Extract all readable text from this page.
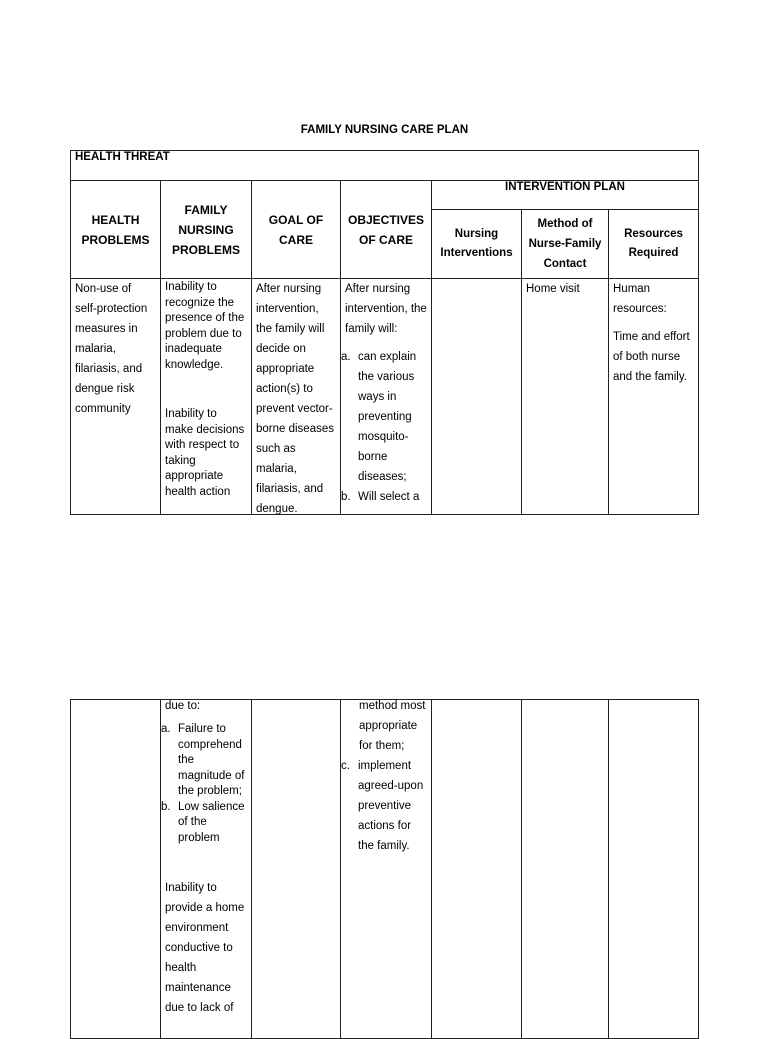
FAMILY NURSING CARE PLAN
HEALTH THREAT
HEALTH PROBLEMS
FAMILY NURSING PROBLEMS
GOAL OF CARE
OBJECTIVES OF CARE
INTERVENTION PLAN
Nursing Interventions
Method of Nurse-Family Contact
Resources Required
Non-use of self-protection measures in malaria, filariasis, and dengue risk community
Inability to recognize the presence of the problem due to inadequate knowledge.
Inability to make decisions with respect to taking appropriate health action
After nursing intervention, the family will decide on appropriate action(s) to prevent vector-borne diseases such as malaria, filariasis, and dengue.
After nursing intervention, the family will:
a. can explain the various ways in preventing mosquito-borne diseases;
b. Will select a
Home visit	Human resources:
Time and effort of both nurse and the family.
due to:
a. Failure to comprehend the magnitude of the problem;
b. Low salience of the problem
Inability to provide a home environment conductive to health maintenance due to lack of
method most appropriate for them;
c. implement agreed-upon preventive actions for the family.
